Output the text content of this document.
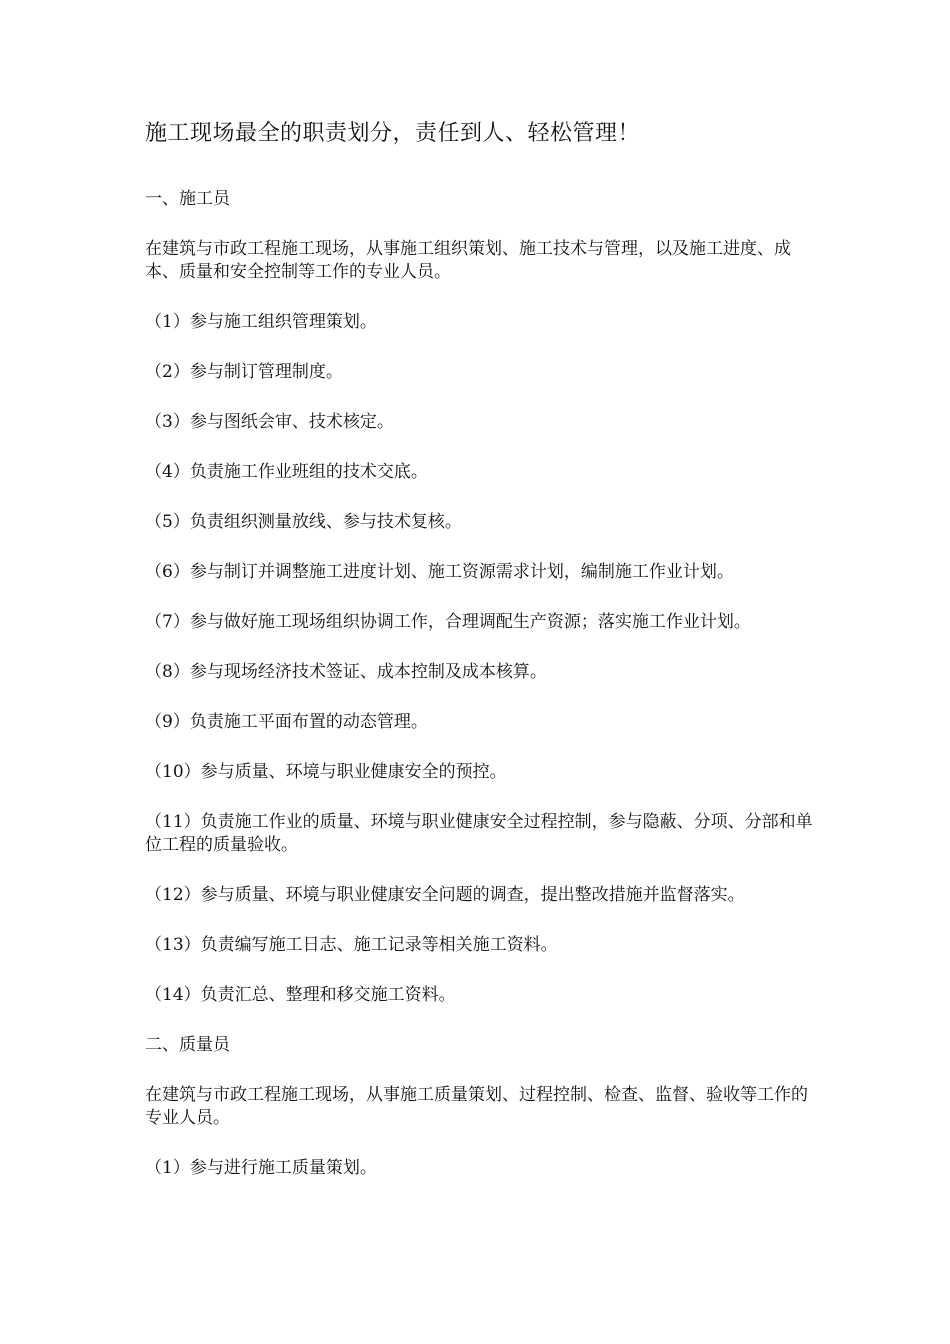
施工现场最全的职责划分，责任到人、轻松管理！

一、施工员

在建筑与市政工程施工现场，从事施工组织策划、施工技术与管理，以及施工进度、成本、质量和安全控制等工作的专业人员。

（1）参与施工组织管理策划。

（2）参与制订管理制度。

（3）参与图纸会审、技术核定。

（4）负责施工作业班组的技术交底。

（5）负责组织测量放线、参与技术复核。

（6）参与制订并调整施工进度计划、施工资源需求计划，编制施工作业计划。

（7）参与做好施工现场组织协调工作，合理调配生产资源；落实施工作业计划。

（8）参与现场经济技术签证、成本控制及成本核算。

（9）负责施工平面布置的动态管理。

（10）参与质量、环境与职业健康安全的预控。

（11）负责施工作业的质量、环境与职业健康安全过程控制，参与隐蔽、分项、分部和单位工程的质量验收。

（12）参与质量、环境与职业健康安全问题的调查，提出整改措施并监督落实。

（13）负责编写施工日志、施工记录等相关施工资料。

（14）负责汇总、整理和移交施工资料。

二、质量员

在建筑与市政工程施工现场，从事施工质量策划、过程控制、检查、监督、验收等工作的专业人员。

（1）参与进行施工质量策划。
